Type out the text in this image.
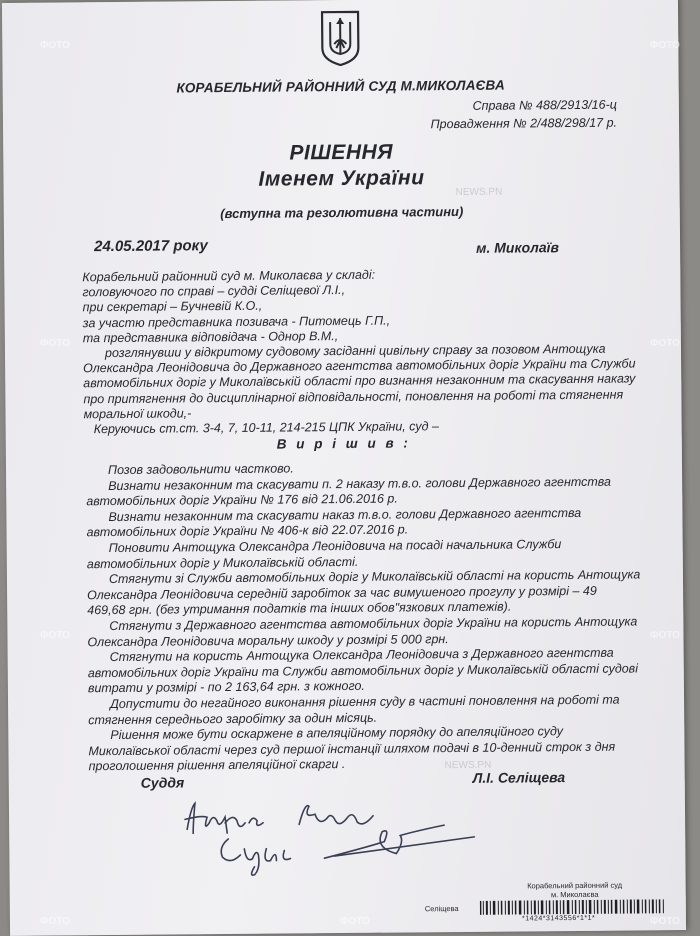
КОРАБЕЛЬНИЙ РАЙОННИЙ СУД М.МИКОЛАЄВА
Справа № 488/2913/16-ц
Провадження № 2/488/298/17 р.
РІШЕННЯ
Іменем України
(вступна та резолютивна частини)
24.05.2017 року	м. Миколаїв
Корабельний районний суд м. Миколаєва у складі:
головуючого по справі – судді Селіщевої Л.І.,
при секретарі – Бучневій К.О.,
за участю представника позивача - Питомець Г.П.,
та представника відповідача - Однор В.М.,
розглянувши у відкритому судовому засіданні цивільну справу за позовом Антощука
Олександра Леонідовича до Державного агентства автомобільних доріг України та Служби
автомобільних доріг у Миколаївській області про визнання незаконним та скасування наказу
про притягнення до дисциплінарної відповідальності, поновлення на роботі та стягнення
моральної шкоди,-
Керуючись ст.ст. 3-4, 7, 10-11, 214-215 ЦПК України, суд –
В и р і ш и в :
Позов задовольнити частково.
Визнати незаконним та скасувати п. 2 наказу т.в.о. голови Державного агентства
автомобільних доріг України № 176 від 21.06.2016 р.
Визнати незаконним та скасувати наказ т.в.о. голови Державного агентства
автомобільних доріг України № 406-к від 22.07.2016 р.
Поновити Антощука Олександра Леонідовича на посаді начальника Служби
автомобільних доріг у Миколаївській області.
Стягнути зі Служби автомобільних доріг у Миколаївській області на користь Антощука
Олександра Леонідовича середній заробіток за час вимушеного прогулу у розмірі – 49
469,68 грн. (без утримання податків та інших обов"язкових платежів).
Стягнути з Державного агентства автомобільних доріг України на користь Антощука
Олександра Леонідовича моральну шкоду у розмірі 5 000 грн.
Стягнути на користь Антощука Олександра Леонідовича з Державного агентства
автомобільних доріг України та Служби автомобільних доріг у Миколаївській області судові
витрати у розмірі - по 2 163,64 грн. з кожного.
Допустити до негайного виконання рішення суду в частині поновлення на роботі та
стягнення середнього заробітку за один місяць.
Рішення може бути оскаржене в апеляційному порядку до апеляційного суду
Миколаївської області через суд першої інстанції шляхом подачі в 10-денний строк з дня
проголошення рішення апеляційної скарги .
Суддя	Л.І. Селіщева
Корабельний районний суд
м. Миколаєва
Селіщева
*1424*3143556*1*1*
NEWS.PN
NEWS.PN
ФОТО	ФОТО
ФОТО	ФОТО
ФОТО	ФОТО
ФОТО	ФОТО	ФОТО
